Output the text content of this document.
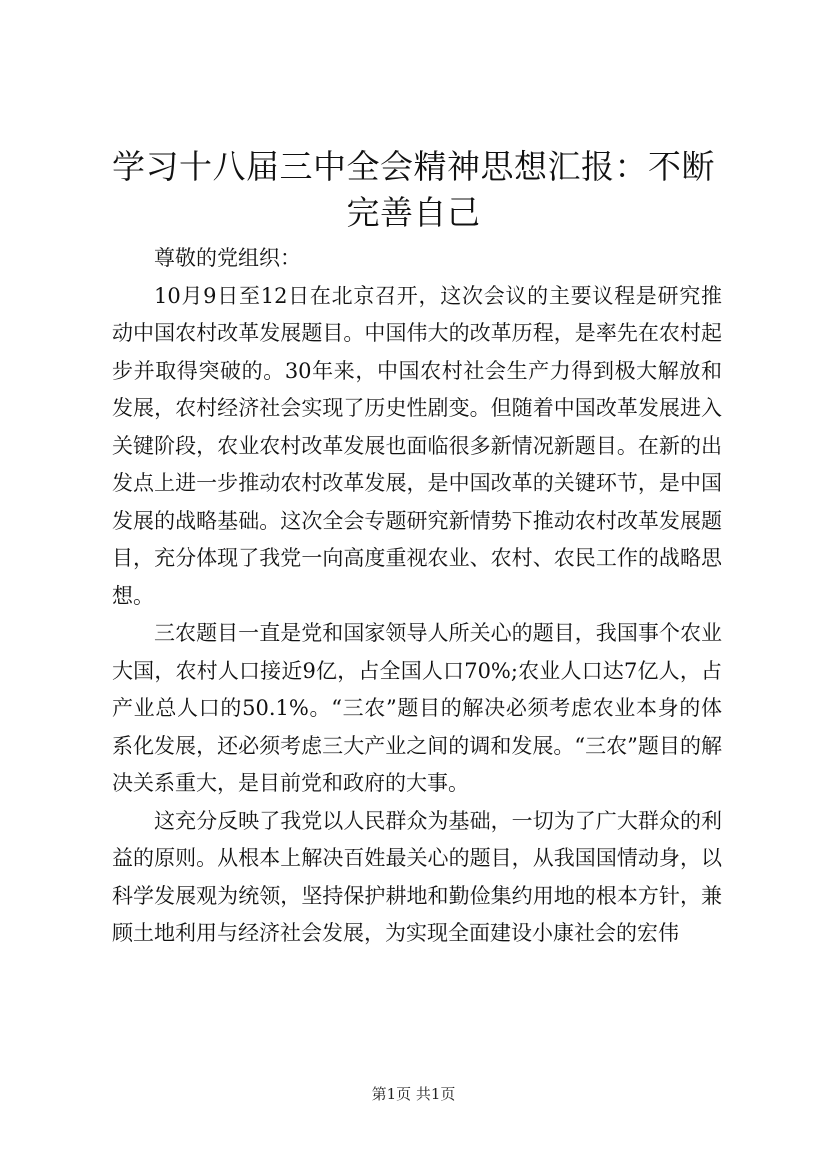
学习十八届三中全会精神思想汇报：不断完善自己

尊敬的党组织：

10月9日至12日在北京召开，这次会议的主要议程是研究推动中国农村改革发展题目。中国伟大的改革历程，是率先在农村起步并取得突破的。30年来，中国农村社会生产力得到极大解放和发展，农村经济社会实现了历史性剧变。但随着中国改革发展进入关键阶段，农业农村改革发展也面临很多新情况新题目。在新的出发点上进一步推动农村改革发展，是中国改革的关键环节，是中国发展的战略基础。这次全会专题研究新情势下推动农村改革发展题目，充分体现了我党一向高度重视农业、农村、农民工作的战略思想。

三农题目一直是党和国家领导人所关心的题目，我国事个农业大国，农村人口接近9亿，占全国人口70%;农业人口达7亿人，占产业总人口的50.1%。“三农”题目的解决必须考虑农业本身的体系化发展，还必须考虑三大产业之间的调和发展。“三农”题目的解决关系重大，是目前党和政府的大事。

这充分反映了我党以人民群众为基础，一切为了广大群众的利益的原则。从根本上解决百姓最关心的题目，从我国国情动身，以科学发展观为统领，坚持保护耕地和勤俭集约用地的根本方针，兼顾土地利用与经济社会发展，为实现全面建设小康社会的宏伟

第1页 共1页
